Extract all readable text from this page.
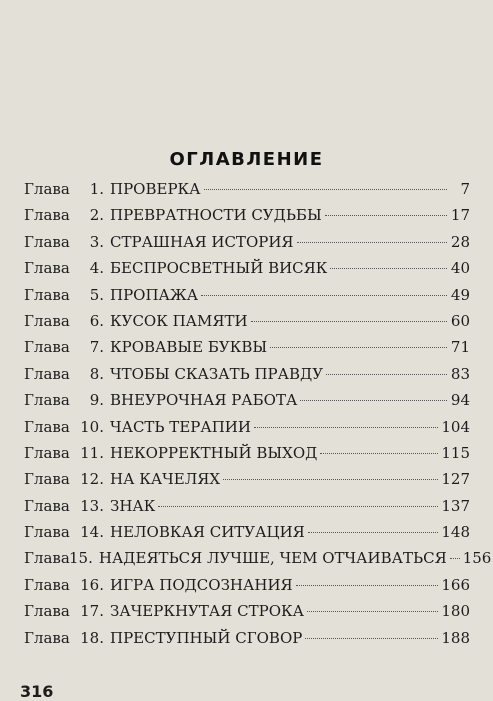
ОГЛАВЛЕНИЕ
Глава	1. ПРОВЕРКА	7
Глава	2. ПРЕВРАТНОСТИ СУДЬБЫ	17
Глава	3. СТРАШНАЯ ИСТОРИЯ	28
Глава	4. БЕСПРОСВЕТНЫЙ ВИСЯК	40
Глава	5. ПРОПАЖА	49
Глава	6. КУСОК ПАМЯТИ	60
Глава	7. КРОВАВЫЕ БУКВЫ	71
Глава	8. ЧТОБЫ СКАЗАТЬ ПРАВДУ	83
Глава	9. ВНЕУРОЧНАЯ РАБОТА	94
Глава 10. ЧАСТЬ ТЕРАПИИ	104
Глава 11. НЕКОРРЕКТНЫЙ ВЫХОД	115
Глава 12. НА КАЧЕЛЯХ	127
Глава 13. ЗНАК	137
Глава 14. НЕЛОВКАЯ СИТУАЦИЯ	148
Глава 15. НАДЕЯТЬСЯ ЛУЧШЕ, ЧЕМ ОТЧАИВАТЬСЯ 156
Глава 16. ИГРА ПОДСОЗНАНИЯ	166
Глава 17. ЗАЧЕРКНУТАЯ СТРОКА	180
Глава 18. ПРЕСТУПНЫЙ СГОВОР	188
316
